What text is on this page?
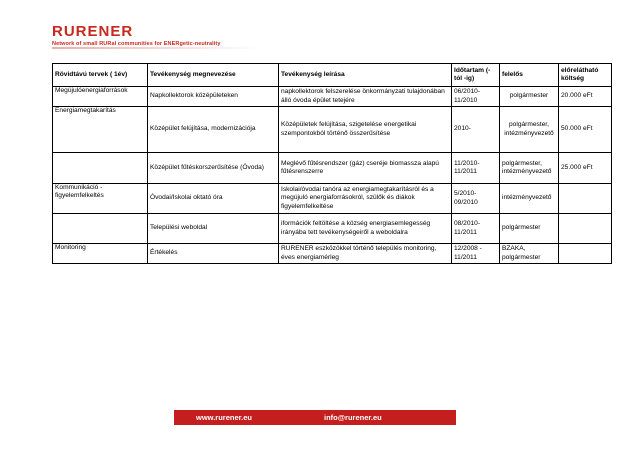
RURENER
Network of small RURal communities for ENERgetic-neutrality
Rövidtávú tervek ( 1év)	Tevékenység megnevezése	Tevékenység leírása	Időtartam (-tól -ig)	felelős	előrelátható költség
Megújulóenergiaforrások	Napkollektorok középületeken	napkollektorok felszerelése önkormányzati tulajdonában álló óvoda épület tetejére	06/2010-11/2010	polgármester	20.000 eFt
Energiamegtakarítás	Középület felújítása, modernizációja	Középületek felújítása, szigetelése energetikai szempontokból történő összerűsítése	2010-	polgármester, intézményvezető	50.000 eFt
	Középület fűtéskorszerűsítése (Óvoda)	Meglévő fűtésrendszer (gáz) cseréje biomassza alapú fűtésrenszerre	11/2010-11/2011	polgármester, intézményvezető	25.000 eFt
Kommunikáció - figyelemfelkeltés	Óvodai/Iskolai oktató óra	Iskolai/óvodai tanóra az energiamegtakarításról és a megújuló energiaforrásokról, szülők és diákok figyelemfelkeltése	5/2010-09/2010	intézményvezető	
	Települési weboldal	iformációk feltöltése a község energiasemlegesség irányába tett tevékenységeiről a weboldalra	08/2010-11/2011	polgármester	
Monitoring	Értékelés	RURENER eszközökkel történő település monitoring, éves energiamérleg	12/2008 - 11/2011	BZAKA, polgármester	
www.rurener.eu	info@rurener.eu
